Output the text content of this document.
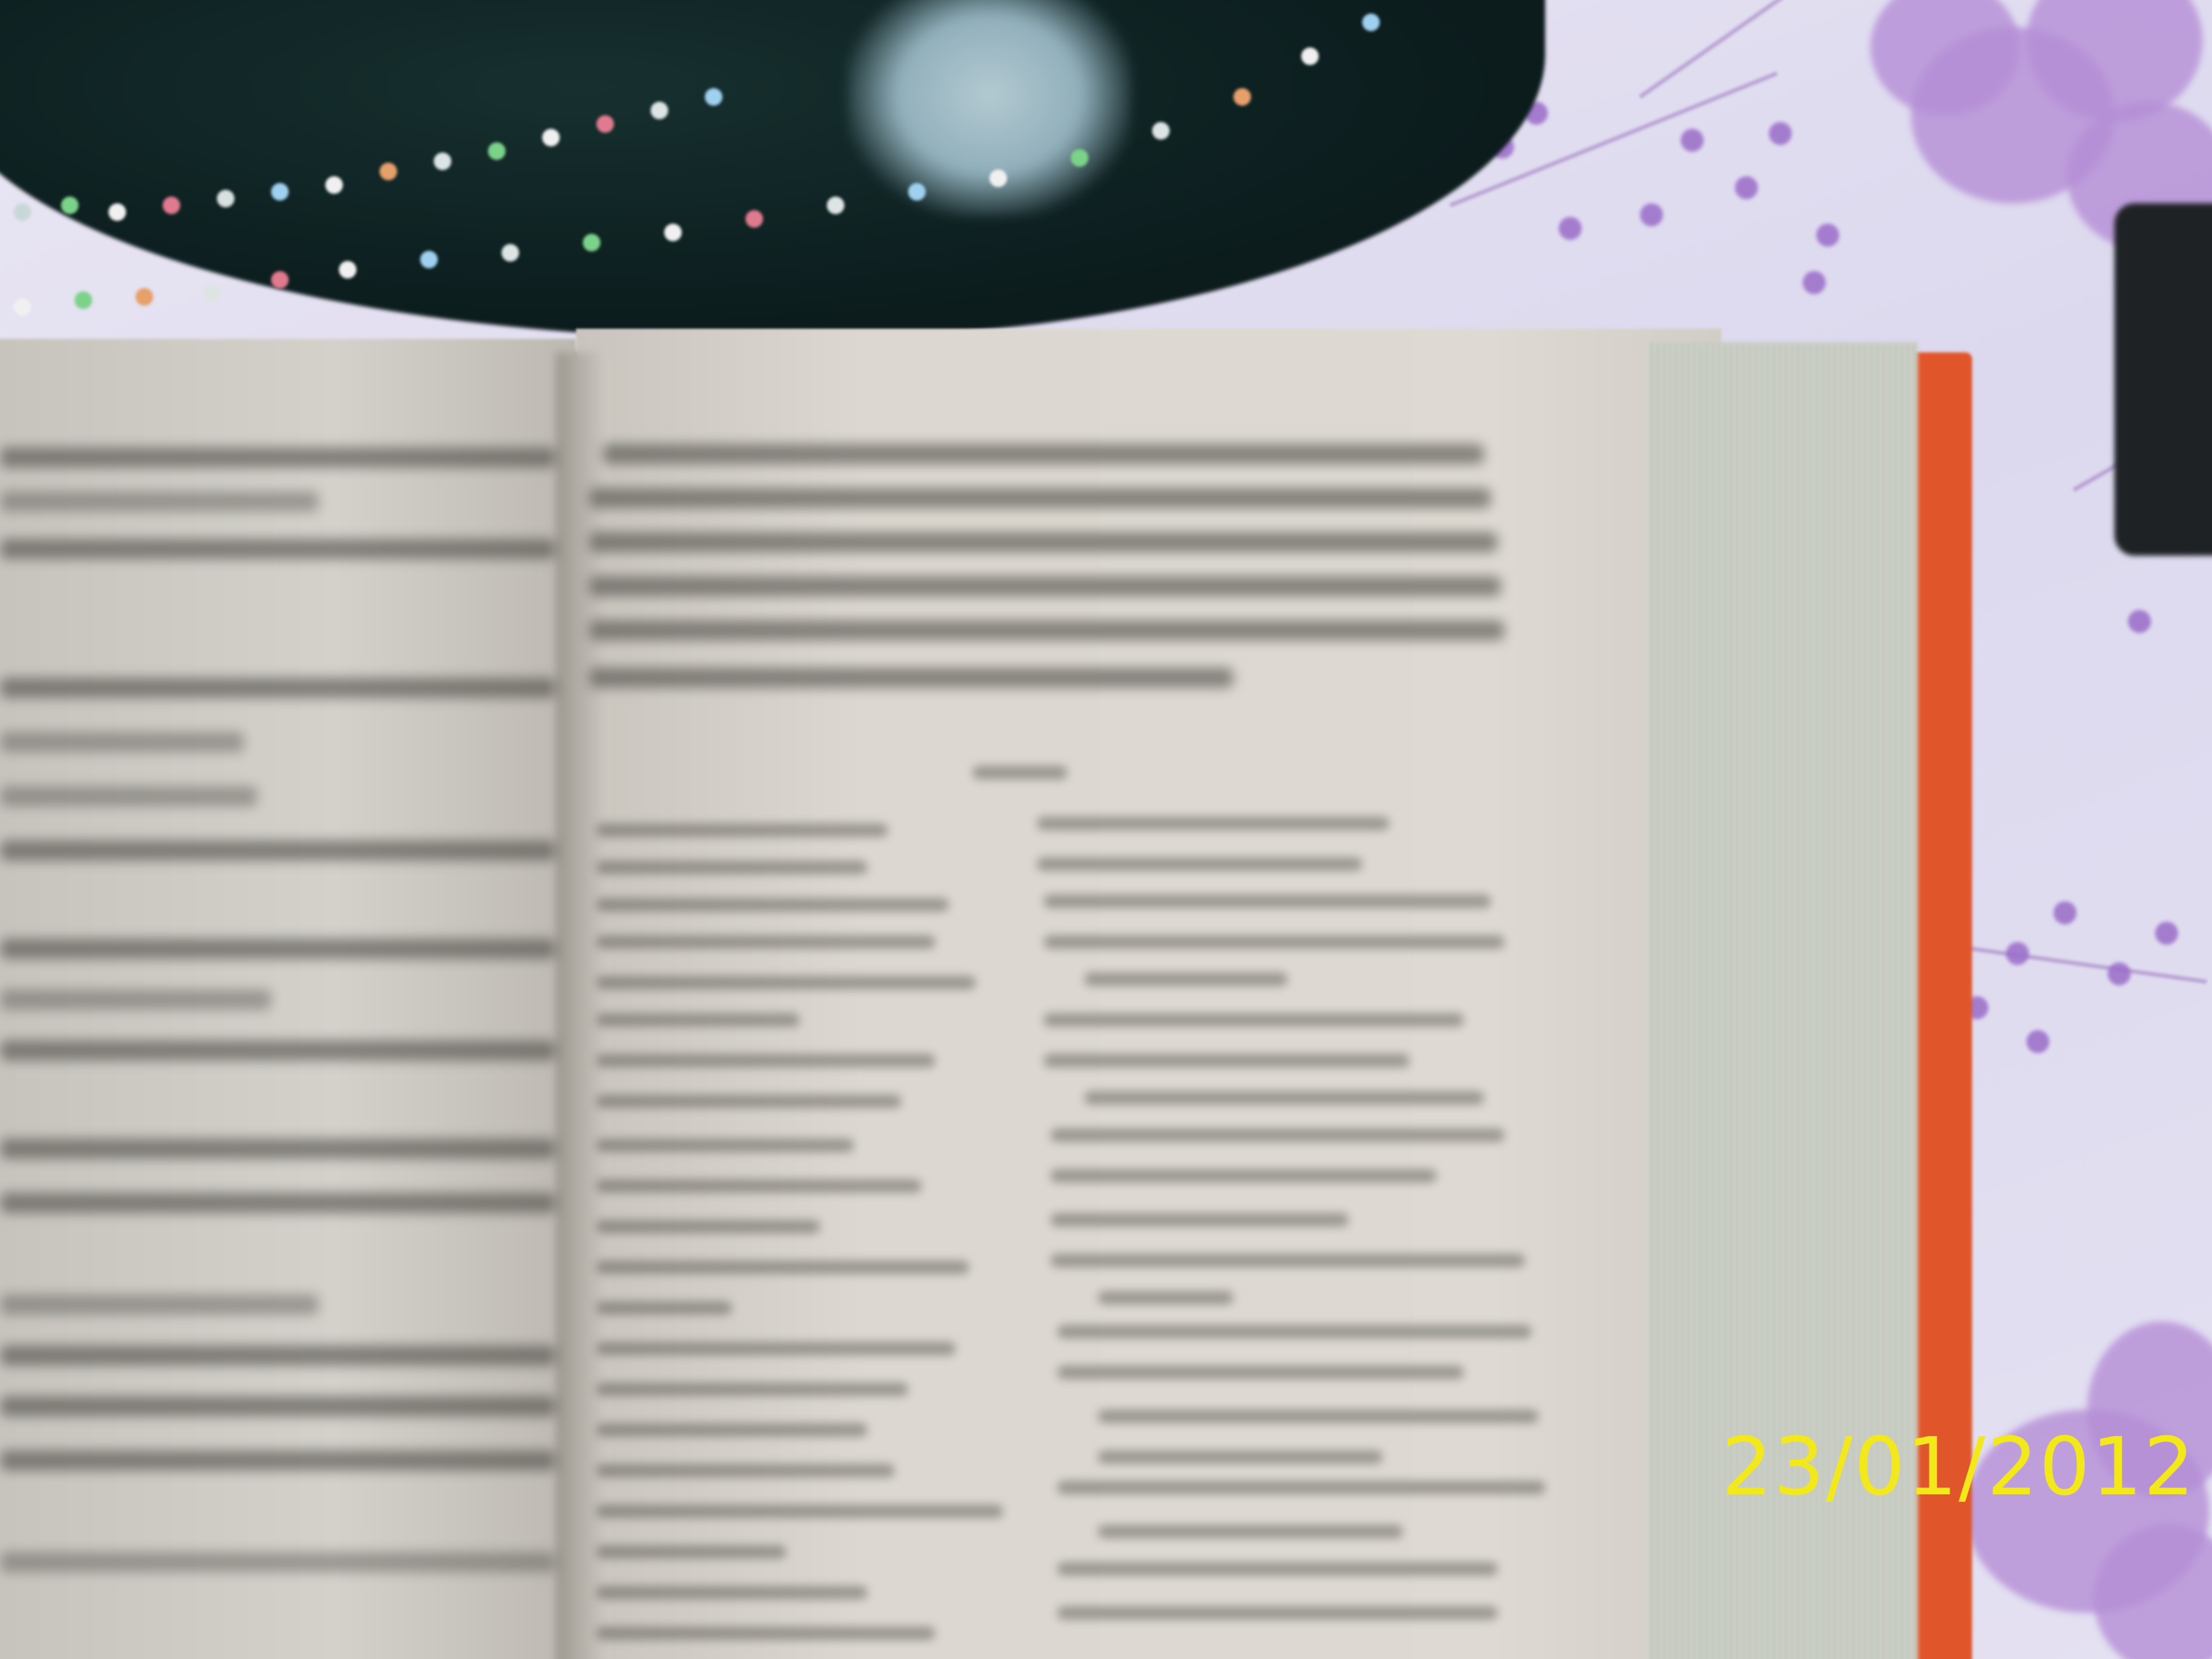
23/01/2012
